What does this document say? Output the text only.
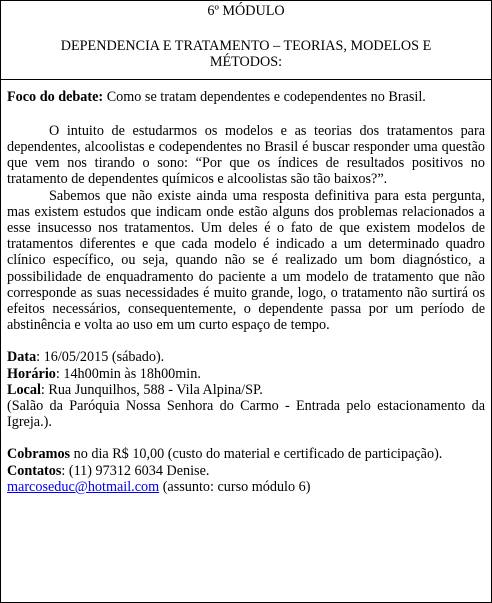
6º MÓDULO

DEPENDENCIA E TRATAMENTO – TEORIAS, MODELOS E MÉTODOS:

Foco do debate: Como se tratam dependentes e codependentes no Brasil.

O intuito de estudarmos os modelos e as teorias dos tratamentos para dependentes, alcoolistas e codependentes no Brasil é buscar responder uma questão que vem nos tirando o sono: “Por que os índices de resultados positivos no tratamento de dependentes químicos e alcoolistas são tão baixos?”.

Sabemos que não existe ainda uma resposta definitiva para esta pergunta, mas existem estudos que indicam onde estão alguns dos problemas relacionados a esse insucesso nos tratamentos. Um deles é o fato de que existem modelos de tratamentos diferentes e que cada modelo é indicado a um determinado quadro clínico específico, ou seja, quando não se é realizado um bom diagnóstico, a possibilidade de enquadramento do paciente a um modelo de tratamento que não corresponde as suas necessidades é muito grande, logo, o tratamento não surtirá os efeitos necessários, consequentemente, o dependente passa por um período de abstinência e volta ao uso em um curto espaço de tempo.

Data: 16/05/2015 (sábado).

Horário: 14h00min às 18h00min.

Local: Rua Junquilhos, 588 - Vila Alpina/SP.

(Salão da Paróquia Nossa Senhora do Carmo - Entrada pelo estacionamento da Igreja.).

Cobramos no dia R$ 10,00 (custo do material e certificado de participação).

Contatos: (11) 97312 6034 Denise.

marcoseduc@hotmail.com (assunto: curso módulo 6)
